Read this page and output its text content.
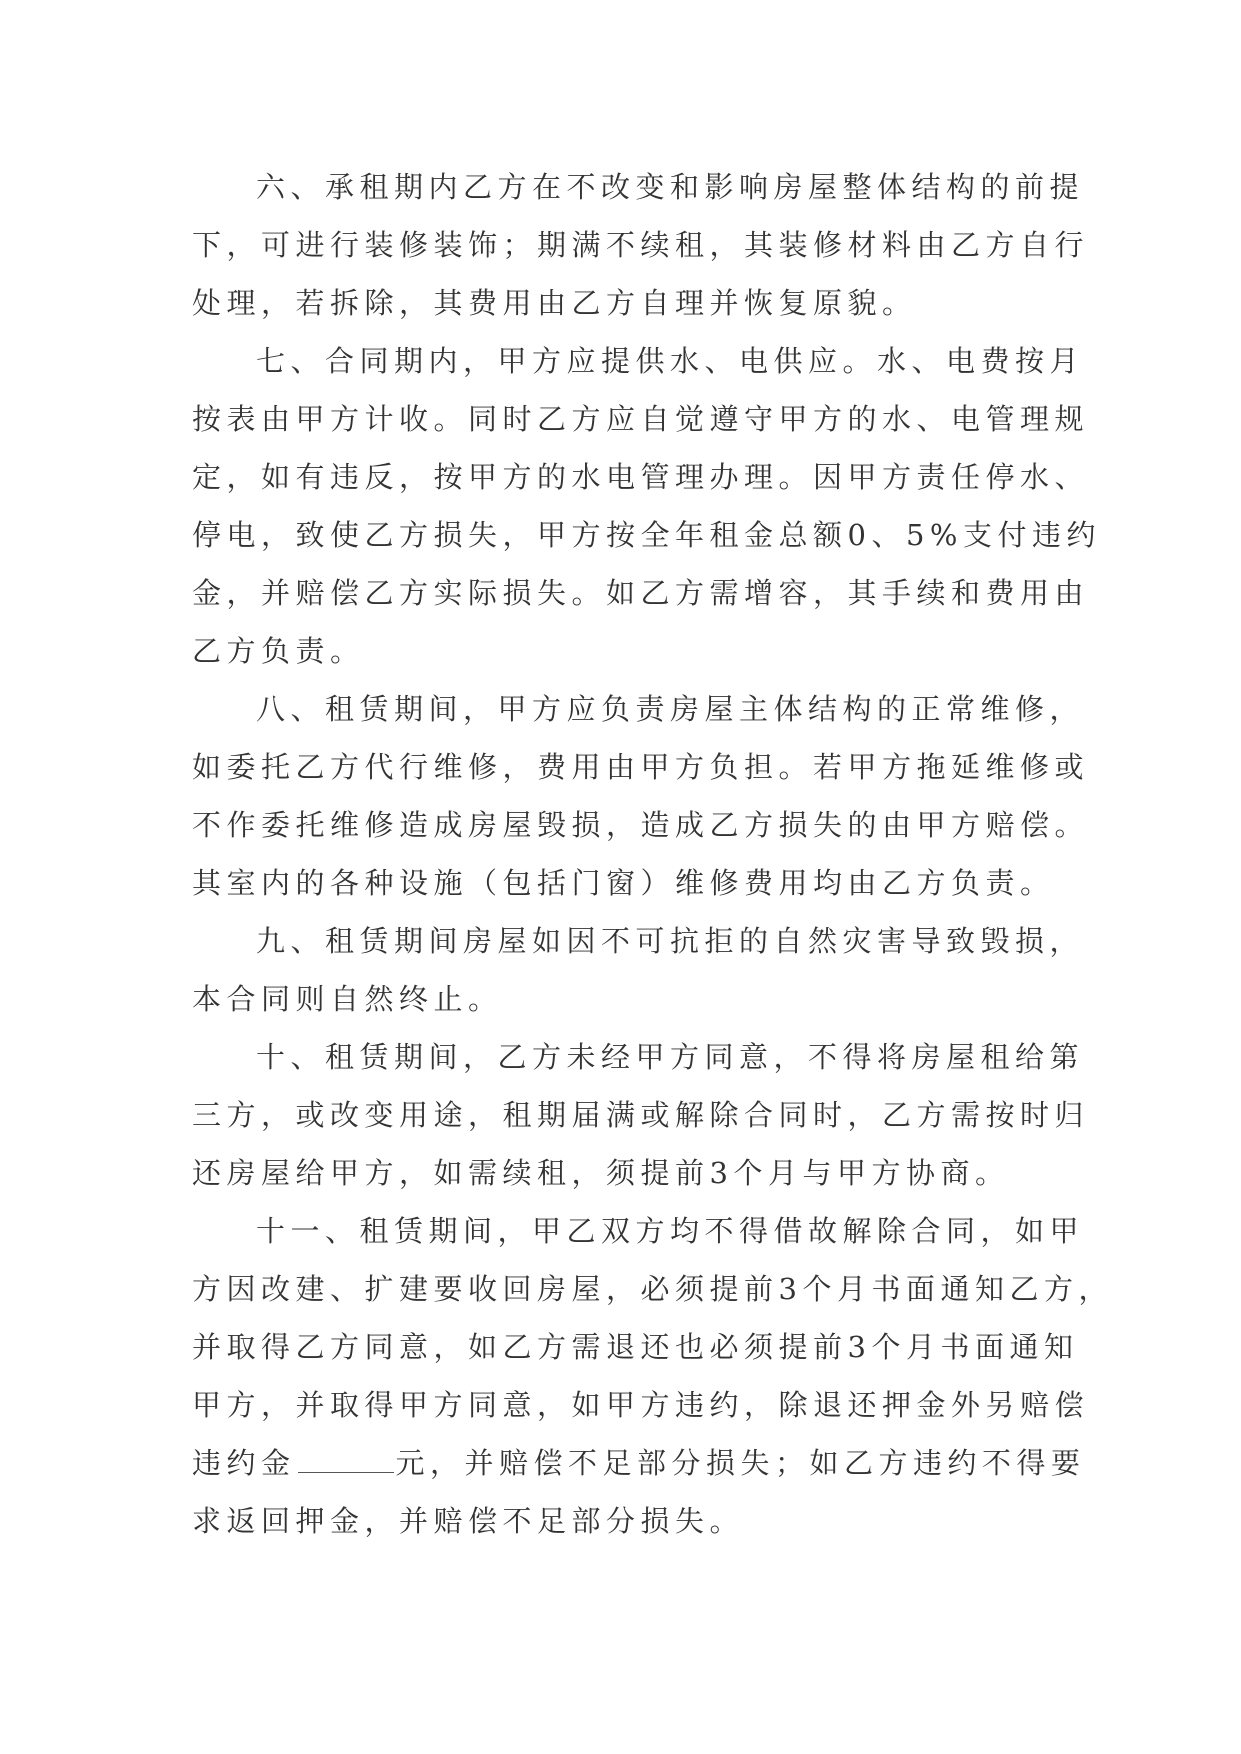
六、承租期内乙方在不改变和影响房屋整体结构的前提
下，可进行装修装饰；期满不续租，其装修材料由乙方自行
处理，若拆除，其费用由乙方自理并恢复原貌。
七、合同期内，甲方应提供水、电供应。水、电费按月
按表由甲方计收。同时乙方应自觉遵守甲方的水、电管理规
定，如有违反，按甲方的水电管理办理。因甲方责任停水、
停电，致使乙方损失，甲方按全年租金总额0、5%支付违约
金，并赔偿乙方实际损失。如乙方需增容，其手续和费用由
乙方负责。
八、租赁期间，甲方应负责房屋主体结构的正常维修，
如委托乙方代行维修，费用由甲方负担。若甲方拖延维修或
不作委托维修造成房屋毁损，造成乙方损失的由甲方赔偿。
其室内的各种设施（包括门窗）维修费用均由乙方负责。
九、租赁期间房屋如因不可抗拒的自然灾害导致毁损，
本合同则自然终止。
十、租赁期间，乙方未经甲方同意，不得将房屋租给第
三方，或改变用途，租期届满或解除合同时，乙方需按时归
还房屋给甲方，如需续租，须提前3个月与甲方协商。
十一、租赁期间，甲乙双方均不得借故解除合同，如甲
方因改建、扩建要收回房屋，必须提前3个月书面通知乙方，
并取得乙方同意，如乙方需退还也必须提前3个月书面通知
甲方，并取得甲方同意，如甲方违约，除退还押金外另赔偿
违约金	元，并赔偿不足部分损失；如乙方违约不得要
求返回押金，并赔偿不足部分损失。
